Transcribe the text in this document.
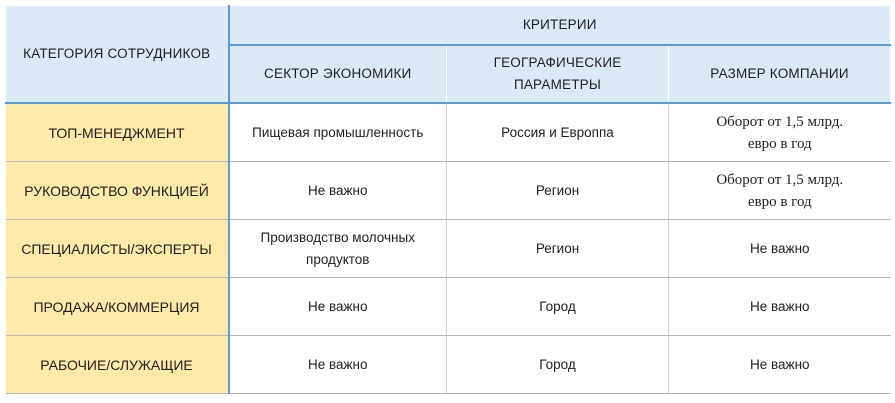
КАТЕГОРИЯ СОТРУДНИКОВ	КРИТЕРИИ		
	СЕКТОР ЭКОНОМИКИ	ГЕОГРАФИЧЕСКИЕ ПАРАМЕТРЫ	РАЗМЕР КОМПАНИИ
ТОП-МЕНЕДЖМЕНТ	Пищевая промышленность	Россия и Европпа	Оборот от 1,5 млрд. евро в год
РУКОВОДСТВО ФУНКЦИЕЙ	Не важно	Регион	Оборот от 1,5 млрд. евро в год
СПЕЦИАЛИСТЫ/ЭКСПЕРТЫ	Производство молочных продуктов	Регион	Не важно
ПРОДАЖА/КОММЕРЦИЯ	Не важно	Город	Не важно
РАБОЧИЕ/СЛУЖАЩИЕ	Не важно	Город	Не важно
